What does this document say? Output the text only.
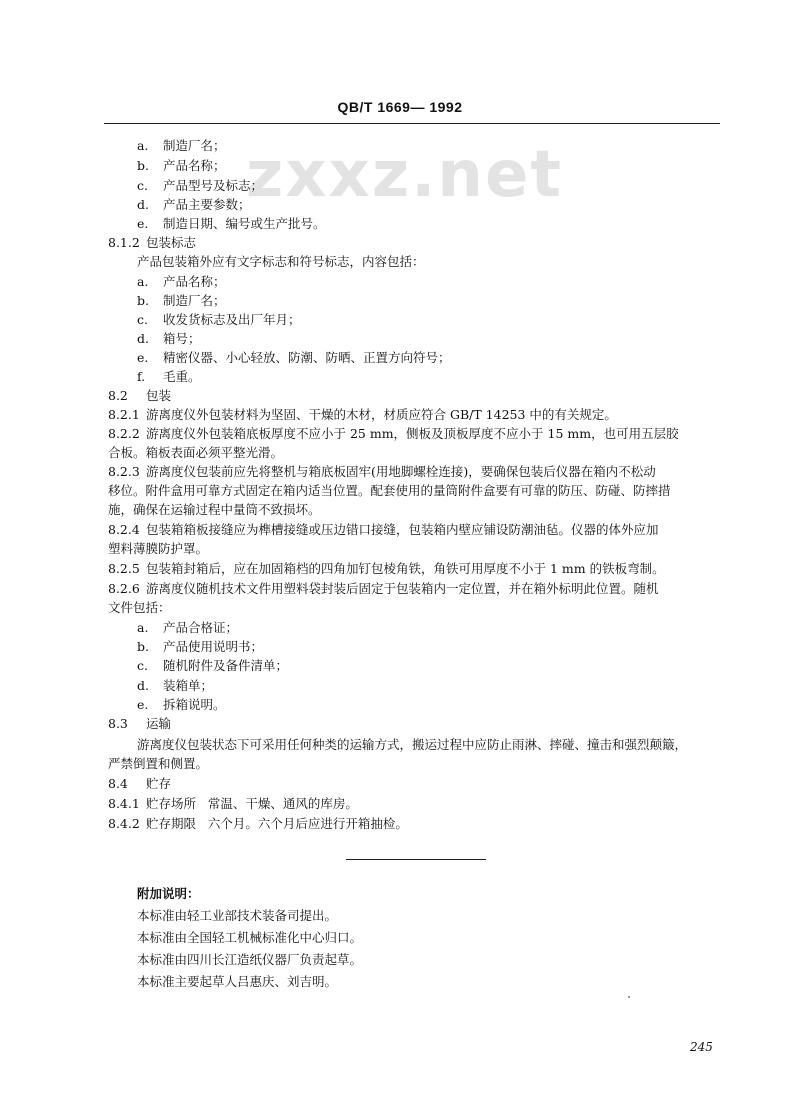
QB/T 1669— 1992
zxxz.net
a. 制造厂名；
b. 产品名称；
c. 产品型号及标志；
d. 产品主要参数；
e. 制造日期、编号或生产批号。
8.1.2 包装标志
产品包装箱外应有文字标志和符号标志，内容包括：
a. 产品名称；
b. 制造厂名；
c. 收发货标志及出厂年月；
d. 箱号；
e. 精密仪器、小心轻放、防潮、防晒、正置方向符号；
f. 毛重。
8.2 包装
8.2.1 游离度仪外包装材料为坚固、干燥的木材，材质应符合 GB/T 14253 中的有关规定。
8.2.2 游离度仪外包装箱底板厚度不应小于 25 mm，侧板及顶板厚度不应小于 15 mm，也可用五层胶
合板。箱板表面必须平整光滑。
8.2.3 游离度仪包装前应先将整机与箱底板固牢(用地脚螺栓连接)，要确保包装后仪器在箱内不松动
移位。附件盒用可靠方式固定在箱内适当位置。配套使用的量筒附件盒要有可靠的防压、防碰、防摔措
施，确保在运输过程中量筒不致损坏。
8.2.4 包装箱箱板接缝应为榫槽接缝或压边错口接缝，包装箱内壁应铺设防潮油毡。仪器的体外应加
塑料薄膜防护罩。
8.2.5 包装箱封箱后，应在加固箱档的四角加钉包棱角铁，角铁可用厚度不小于 1 mm 的铁板弯制。
8.2.6 游离度仪随机技术文件用塑料袋封装后固定于包装箱内一定位置，并在箱外标明此位置。随机
文件包括：
a. 产品合格证；
b. 产品使用说明书；
c. 随机附件及备件清单；
d. 装箱单；
e. 拆箱说明。
8.3 运输
游离度仪包装状态下可采用任何种类的运输方式，搬运过程中应防止雨淋、摔碰、撞击和强烈颠簸，
严禁倒置和侧置。
8.4 贮存
8.4.1 贮存场所   常温、干燥、通风的库房。
8.4.2 贮存期限   六个月。六个月后应进行开箱抽检。
附加说明：
本标准由轻工业部技术装备司提出。
本标准由全国轻工机械标准化中心归口。
本标准由四川长江造纸仪器厂负责起草。
本标准主要起草人吕惠庆、刘吉明。
245
